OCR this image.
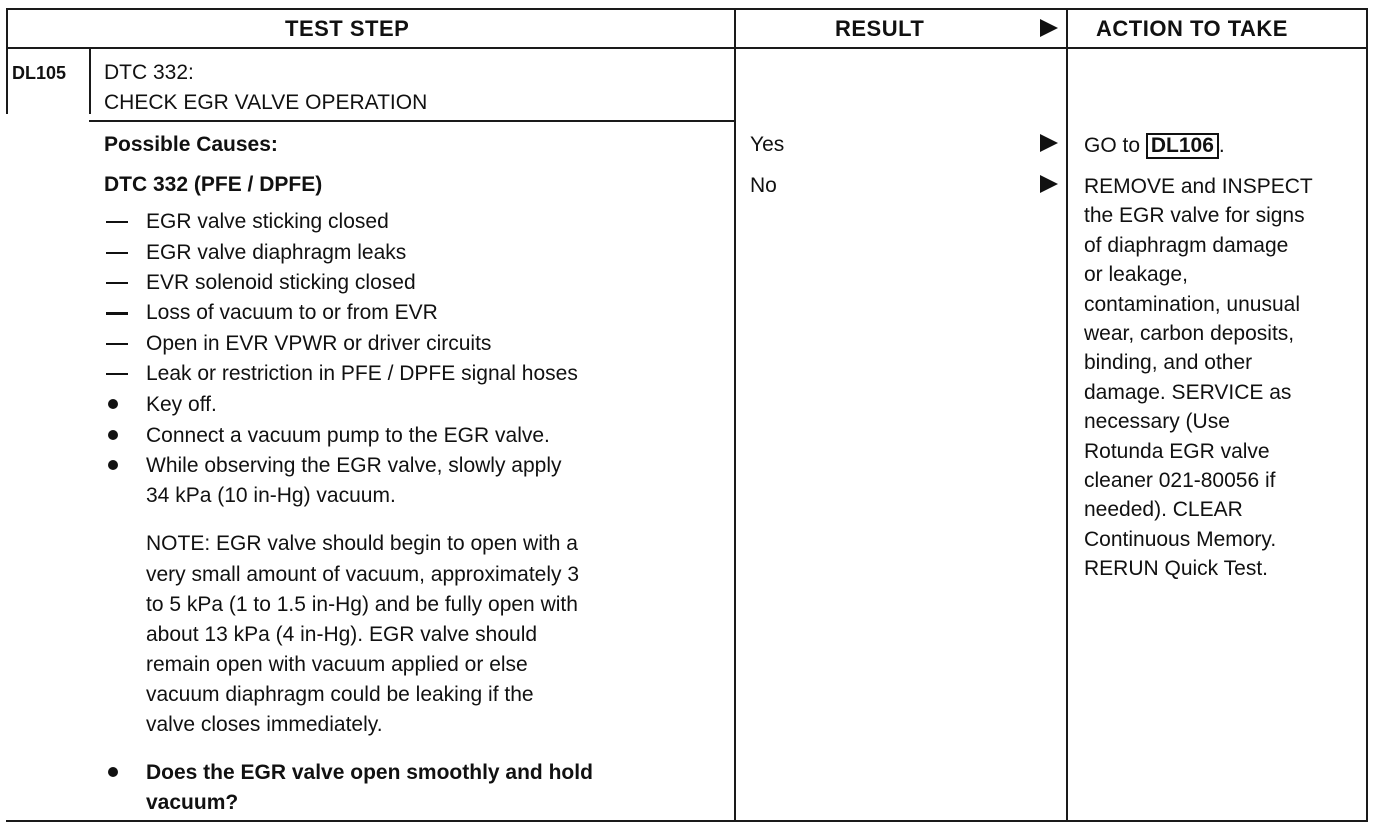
TEST STEP	RESULT	ACTION TO TAKE
DL105 DTC 332:
CHECK EGR VALVE OPERATION
Possible Causes:
DTC 332 (PFE / DPFE)
EGR valve sticking closed
EGR valve diaphragm leaks
EVR solenoid sticking closed
Loss of vacuum to or from EVR
Open in EVR VPWR or driver circuits
Leak or restriction in PFE / DPFE signal hoses
Key off.
Connect a vacuum pump to the EGR valve.
While observing the EGR valve, slowly apply
34 kPa (10 in-Hg) vacuum.
NOTE: EGR valve should begin to open with a
very small amount of vacuum, approximately 3
to 5 kPa (1 to 1.5 in-Hg) and be fully open with
about 13 kPa (4 in-Hg). EGR valve should
remain open with vacuum applied or else
vacuum diaphragm could be leaking if the
valve closes immediately.
Does the EGR valve open smoothly and hold
vacuum?
Yes
No
GO to DL106 .
REMOVE and INSPECT
the EGR valve for signs
of diaphragm damage
or leakage,
contamination, unusual
wear, carbon deposits,
binding, and other
damage. SERVICE as
necessary (Use
Rotunda EGR valve
cleaner 021-80056 if
needed). CLEAR
Continuous Memory.
RERUN Quick Test.
